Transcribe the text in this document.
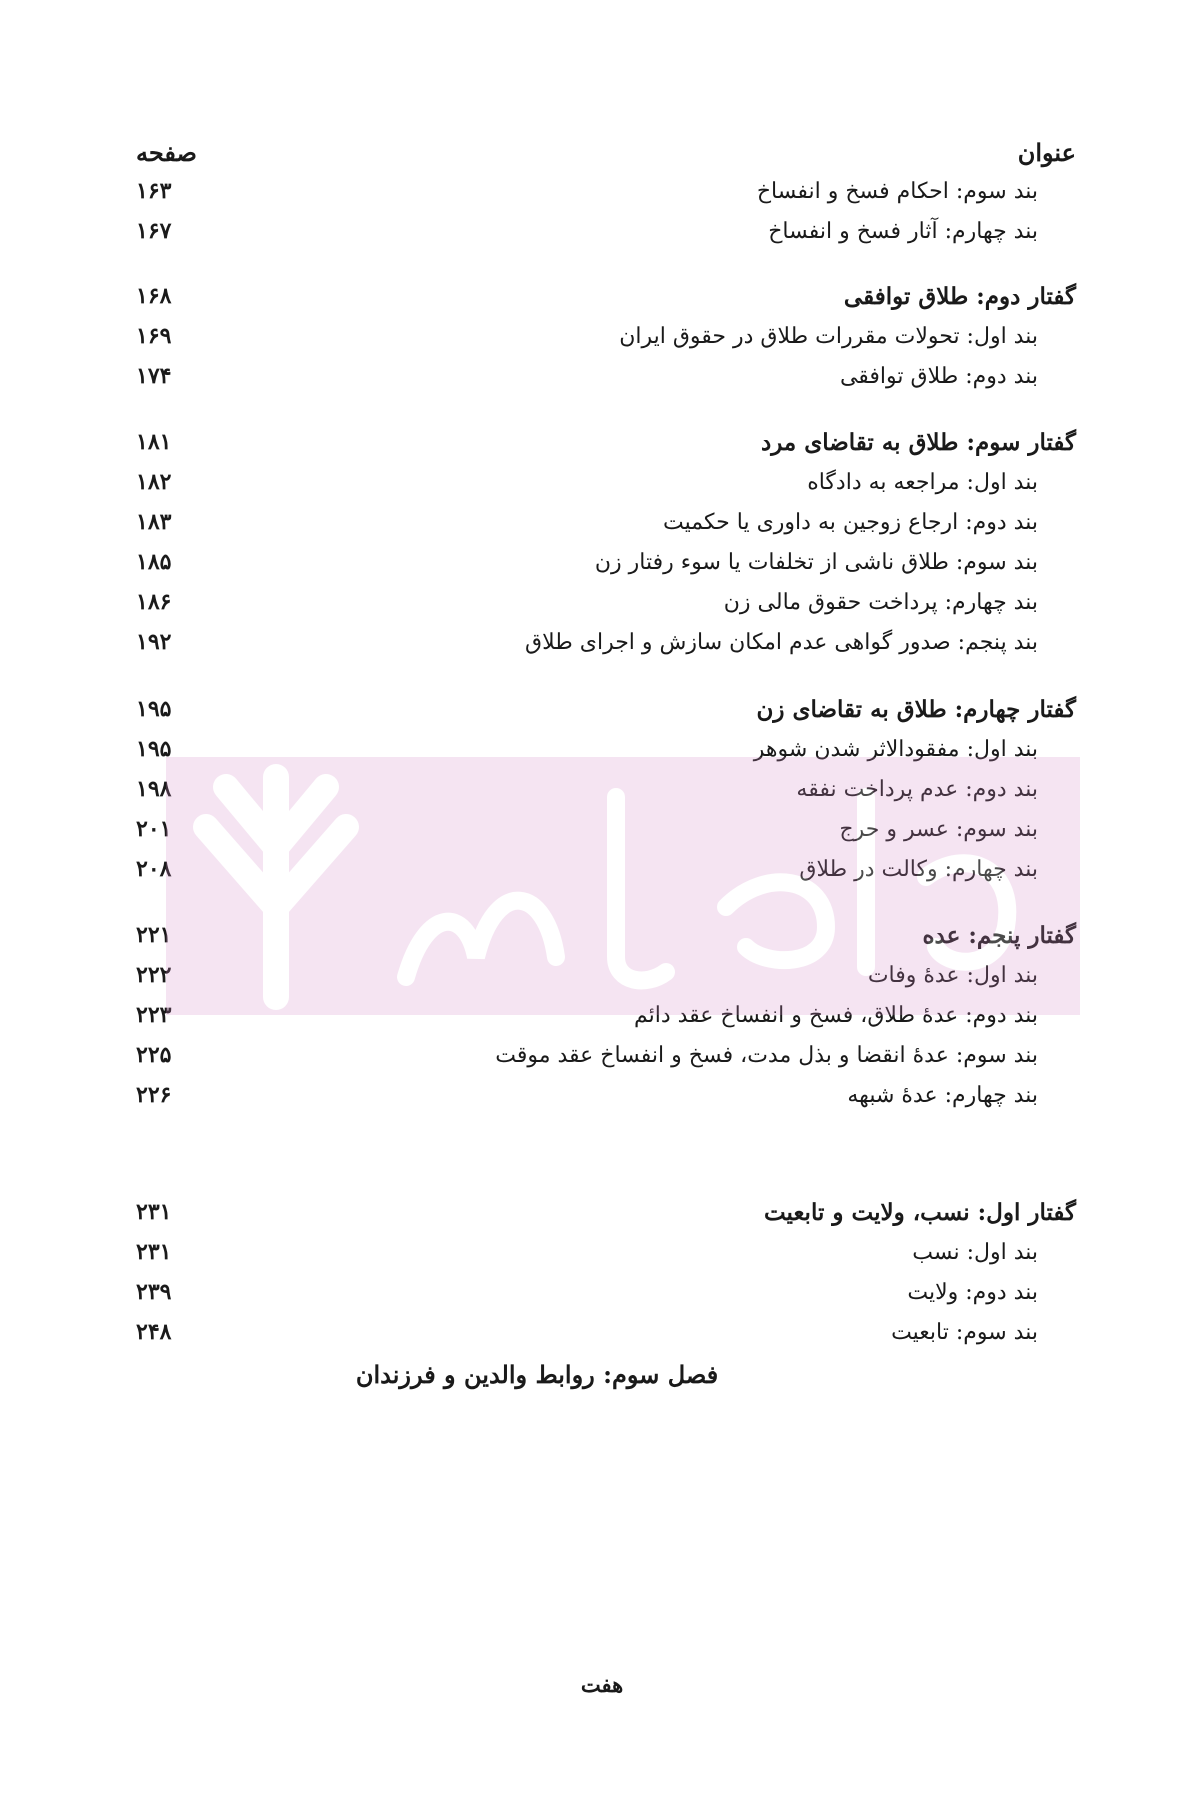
عنوان
صفحه
بند سوم: احکام فسخ و انفساخ
۱۶۳
بند چهارم: آثار فسخ و انفساخ
۱۶۷
گفتار دوم: طلاق توافقی
۱۶۸
بند اول: تحولات مقررات طلاق در حقوق ایران
۱۶۹
بند دوم: طلاق توافقی
۱۷۴
گفتار سوم: طلاق به تقاضای مرد
۱۸۱
بند اول: مراجعه به دادگاه
۱۸۲
بند دوم: ارجاع زوجین به داوری یا حکمیت
۱۸۳
بند سوم: طلاق ناشی از تخلفات یا سوء رفتار زن
۱۸۵
بند چهارم: پرداخت حقوق مالی زن
۱۸۶
بند پنجم: صدور گواهی عدم امکان سازش و اجرای طلاق
۱۹۲
گفتار چهارم: طلاق به تقاضای زن
۱۹۵
بند اول: مفقودالاثر شدن شوهر
۱۹۵
بند دوم: عدم پرداخت نفقه
۱۹۸
بند سوم: عسر و حرج
۲۰۱
بند چهارم: وکالت در طلاق
۲۰۸
گفتار پنجم: عده
۲۲۱
بند اول: عدهٔ وفات
۲۲۲
بند دوم: عدهٔ طلاق، فسخ و انفساخ عقد دائم
۲۲۳
بند سوم: عدهٔ انقضا و بذل مدت، فسخ و انفساخ عقد موقت
۲۲۵
بند چهارم: عدهٔ شبهه
۲۲۶
گفتار اول: نسب، ولایت و تابعیت
۲۳۱
بند اول: نسب
۲۳۱
بند دوم: ولایت
۲۳۹
بند سوم: تابعیت
۲۴۸
فصل سوم: روابط والدین و فرزندان
هفت
